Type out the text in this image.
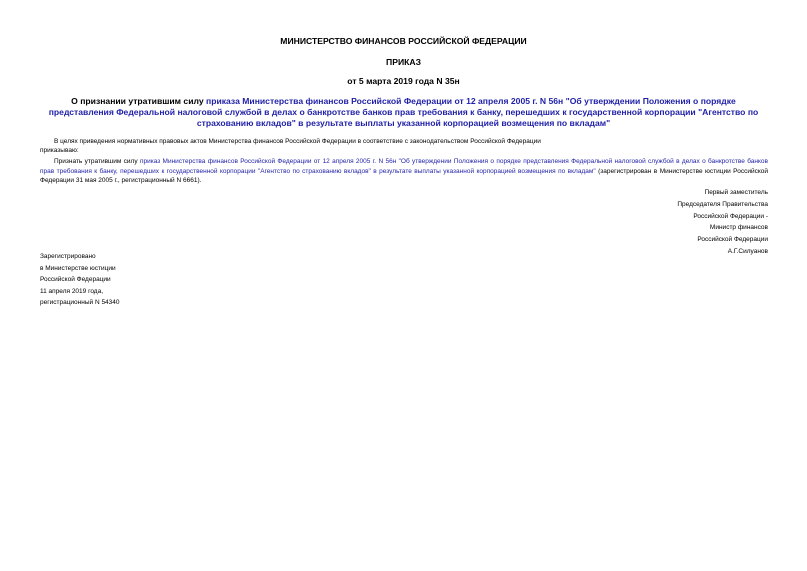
МИНИСТЕРСТВО ФИНАНСОВ РОССИЙСКОЙ ФЕДЕРАЦИИ
ПРИКАЗ
от 5 марта 2019 года N 35н
О признании утратившим силу приказа Министерства финансов Российской Федерации от 12 апреля 2005 г. N 56н "Об утверждении Положения о порядке представления Федеральной налоговой службой в делах о банкротстве банков прав требования к банку, перешедших к государственной корпорации "Агентство по страхованию вкладов" в результате выплаты указанной корпорацией возмещения по вкладам"
В целях приведения нормативных правовых актов Министерства финансов Российской Федерации в соответствие с законодательством Российской Федерации
приказываю:
Признать утратившим силу приказ Министерства финансов Российской Федерации от 12 апреля 2005 г. N 56н "Об утверждении Положения о порядке представления Федеральной налоговой службой в делах о банкротстве банков прав требования к банку, перешедших к государственной корпорации "Агентство по страхованию вкладов" в результате выплаты указанной корпорацией возмещения по вкладам" (зарегистрирован в Министерстве юстиции Российской Федерации 31 мая 2005 г., регистрационный N 6661).
Первый заместитель
Председателя Правительства
Российской Федерации -
Министр финансов
Российской Федерации
А.Г.Силуанов
Зарегистрировано
в Министерстве юстиции
Российской Федерации
11 апреля 2019 года,
регистрационный N 54340
